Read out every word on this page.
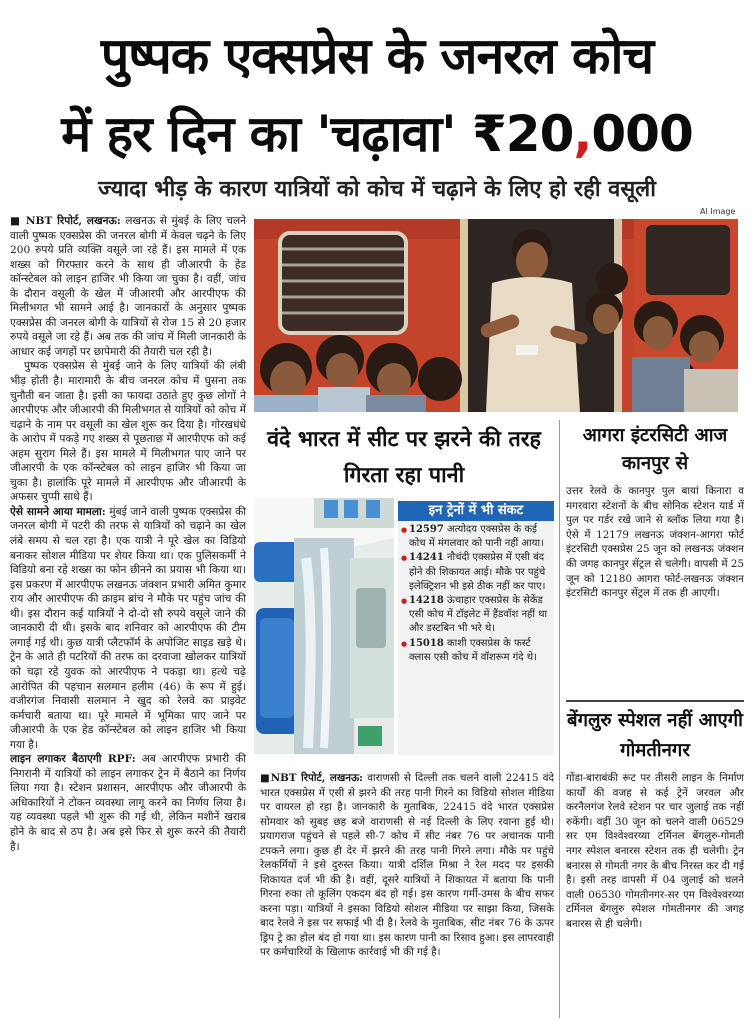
पुष्पक एक्सप्रेस के जनरल कोच
में हर दिन का 'चढ़ावा' ₹20,000
ज्यादा भीड़ के कारण यात्रियों को कोच में चढ़ाने के लिए हो रही वसूली
AI Image

■ NBT रिपोर्ट, लखनऊ: लखनऊ से मुंबई के लिए चलने वाली पुष्पक एक्सप्रेस की जनरल बोगी में केवल चढ़ने के लिए 200 रुपये प्रति व्यक्ति वसूले जा रहे हैं। इस मामले में एक शख्स को गिरफ्तार करने के साथ ही जीआरपी के हेड कॉन्स्टेबल को लाइन हाजिर भी किया जा चुका है। वहीं, जांच के दौरान वसूली के खेल में जीआरपी और आरपीएफ की मिलीभगत भी सामने आई है। जानकारों के अनुसार पुष्पक एक्सप्रेस की जनरल बोगी के यात्रियों से रोज 15 से 20 हजार रुपये वसूले जा रहे हैं। अब तक की जांच में मिली जानकारी के आधार कई जगहों पर छापेमारी की तैयारी चल रही है।

पुष्पक एक्सप्रेस से मुंबई जाने के लिए यात्रियों की लंबी भीड़ होती है। मारामारी के बीच जनरल कोच में घुसना तक चुनौती बन जाता है। इसी का फायदा उठाते हुए कुछ लोगों ने आरपीएफ और जीआरपी की मिलीभगत से यात्रियों को कोच में चढ़ाने के नाम पर वसूली का खेल शुरू कर दिया है। गोरखधंधे के आरोप में पकड़े गए शख्स से पूछताछ में आरपीएफ को कई अहम सुराग मिले हैं। इस मामले में मिलीभगत पाए जाने पर जीआरपी के एक कॉन्स्टेबल को लाइन हाजिर भी किया जा चुका है। हालांकि पूरे मामले में आरपीएफ और जीआरपी के अफसर चुप्पी साधे हैं।

ऐसे सामने आया मामला: मुंबई जाने वाली पुष्पक एक्सप्रेस की जनरल बोगी में पटरी की तरफ से यात्रियों को चढ़ाने का खेल लंबे समय से चल रहा है। एक यात्री ने पूरे खेल का विडियो बनाकर सोशल मीडिया पर शेयर किया था। एक पुलिसकर्मी ने विडियो बना रहे शख्स का फोन छीनने का प्रयास भी किया था। इस प्रकरण में आरपीएफ लखनऊ जंक्शन प्रभारी अमित कुमार राय और आरपीएफ की क्राइम ब्रांच ने मौके पर पहुंच जांच की थी। इस दौरान कई यात्रियों ने दो-दो सौ रुपये वसूले जाने की जानकारी दी थी। इसके बाद शनिवार को आरपीएफ की टीम लगाई गई थी। कुछ यात्री प्लैटफॉर्म के अपोजिट साइड खड़े थे। ट्रेन के आते ही पटरियों की तरफ का दरवाजा खोलकर यात्रियों को चढ़ा रहे युवक को आरपीएफ ने पकड़ा था। हत्थे चढ़े आरोपित की पहचान सलमान हलीम (46) के रूप में हुई। वजीरगंज निवासी सलमान ने खुद को रेलवे का प्राइवेट कर्मचारी बताया था। पूरे मामले में भूमिका पाए जाने पर जीआरपी के एक हेड कॉन्स्टेबल को लाइन हाजिर भी किया गया है।

लाइन लगाकर बैठाएगी RPF: अब आरपीएफ प्रभारी की निगरानी में यात्रियों को लाइन लगाकर ट्रेन में बैठाने का निर्णय लिया गया है। स्टेशन प्रशासन, आरपीएफ और जीआरपी के अधिकारियों ने टोकन व्यवस्था लागू करने का निर्णय लिया है। यह व्यवस्था पहले भी शुरू की गई थी, लेकिन मशीनें खराब होने के बाद से ठप है। अब इसे फिर से शुरू करने की तैयारी है।

वंदे भारत में सीट पर झरने की तरह गिरता रहा पानी
इन ट्रेनों में भी संकट
● 12597 अत्योदय एक्सप्रेस के कई कोच में मंगलवार को पानी नहीं आया।
● 14241 नौचंदी एक्सप्रेस में एसी बंद होने की शिकायत आई। मौके पर पहुंचे इलेक्ट्रिशन भी इसे ठीक नहीं कर पाए।
● 14218 ऊंचाहार एक्सप्रेस के सेकेंड एसी कोच में टॉइलेट में हैंडवॉश नहीं था और डस्टबिन भी भरे थे।
● 15018 काशी एक्सप्रेस के फर्स्ट क्लास एसी कोच में वॉशरूम गंदे थे।

■NBT रिपोर्ट, लखनऊ: वाराणसी से दिल्ली तक चलने वाली 22415 वंदे भारत एक्सप्रेस में एसी से झरने की तरह पानी गिरने का विडियो सोशल मीडिया पर वायरल हो रहा है। जानकारी के मुताबिक, 22415 वंदे भारत एक्सप्रेस सोमवार को सुबह छह बजे वाराणसी से नई दिल्ली के लिए रवाना हुई थी। प्रयागराज पहुंचने से पहले सी-7 कोच में सीट नंबर 76 पर अचानक पानी टपकने लगा। कुछ ही देर में झरने की तरह पानी गिरने लगा। मौके पर पहुंचे रेलकर्मियों ने इसे दुरुस्त किया। यात्री दर्शिल मिश्रा ने रेल मदद पर इसकी शिकायत दर्ज भी की है। वहीं, दूसरे यात्रियों ने शिकायत में बताया कि पानी गिरना रुका तो कूलिंग एकदम बंद हो गई। इस कारण गर्मी-उमस के बीच सफर करना पड़ा। यात्रियों ने इसका विडियो सोशल मीडिया पर साझा किया, जिसके बाद रेलवे ने इस पर सफाई भी दी है। रेलवे के मुताबिक, सीट नंबर 76 के ऊपर ड्रिप ट्रे का होल बंद हो गया था। इस कारण पानी का रिसाव हुआ। इस लापरवाही पर कर्मचारियों के खिलाफ कार्रवाई भी की गई है।

आगरा इंटरसिटी आज कानपुर से

उत्तर रेलवे के कानपुर पुल बायां किनारा व मगरवारा स्टेशनों के बीच सोनिक स्टेशन यार्ड में पुल पर गर्डर रखे जाने से ब्लॉक लिया गया है। ऐसे में 12179 लखनऊ जंक्शन-आगरा फोर्ट इंटरसिटी एक्सप्रेस 25 जून को लखनऊ जंक्शन की जगह कानपुर सेंट्रल से चलेगी। वापसी में 25 जून को 12180 आगरा फोर्ट-लखनऊ जंक्शन इंटरसिटी कानपुर सेंट्रल में तक ही आएगी।

बेंगलुरु स्पेशल नहीं आएगी गोमतीनगर

गोंडा-बाराबंकी रूट पर तीसरी लाइन के निर्माण कार्यों की वजह से कई ट्रेनें जरवल और करनैलगंज रेलवे स्टेशन पर चार जुलाई तक नहीं रुकेंगी। वहीं 30 जून को चलने वाली 06529 सर एम विश्वेश्वरय्या टर्मिनल बेंगलुरु-गोमती नगर स्पेशल बनारस स्टेशन तक ही चलेगी। ट्रेन बनारस से गोमती नगर के बीच निरस्त कर दी गई है। इसी तरह वापसी में 04 जुलाई को चलने वाली 06530 गोमतीनगर-सर एम विश्वेश्वरय्या टर्मिनल बेंगलुरु स्पेशल गोमतीनगर की जगह बनारस से ही चलेगी।
